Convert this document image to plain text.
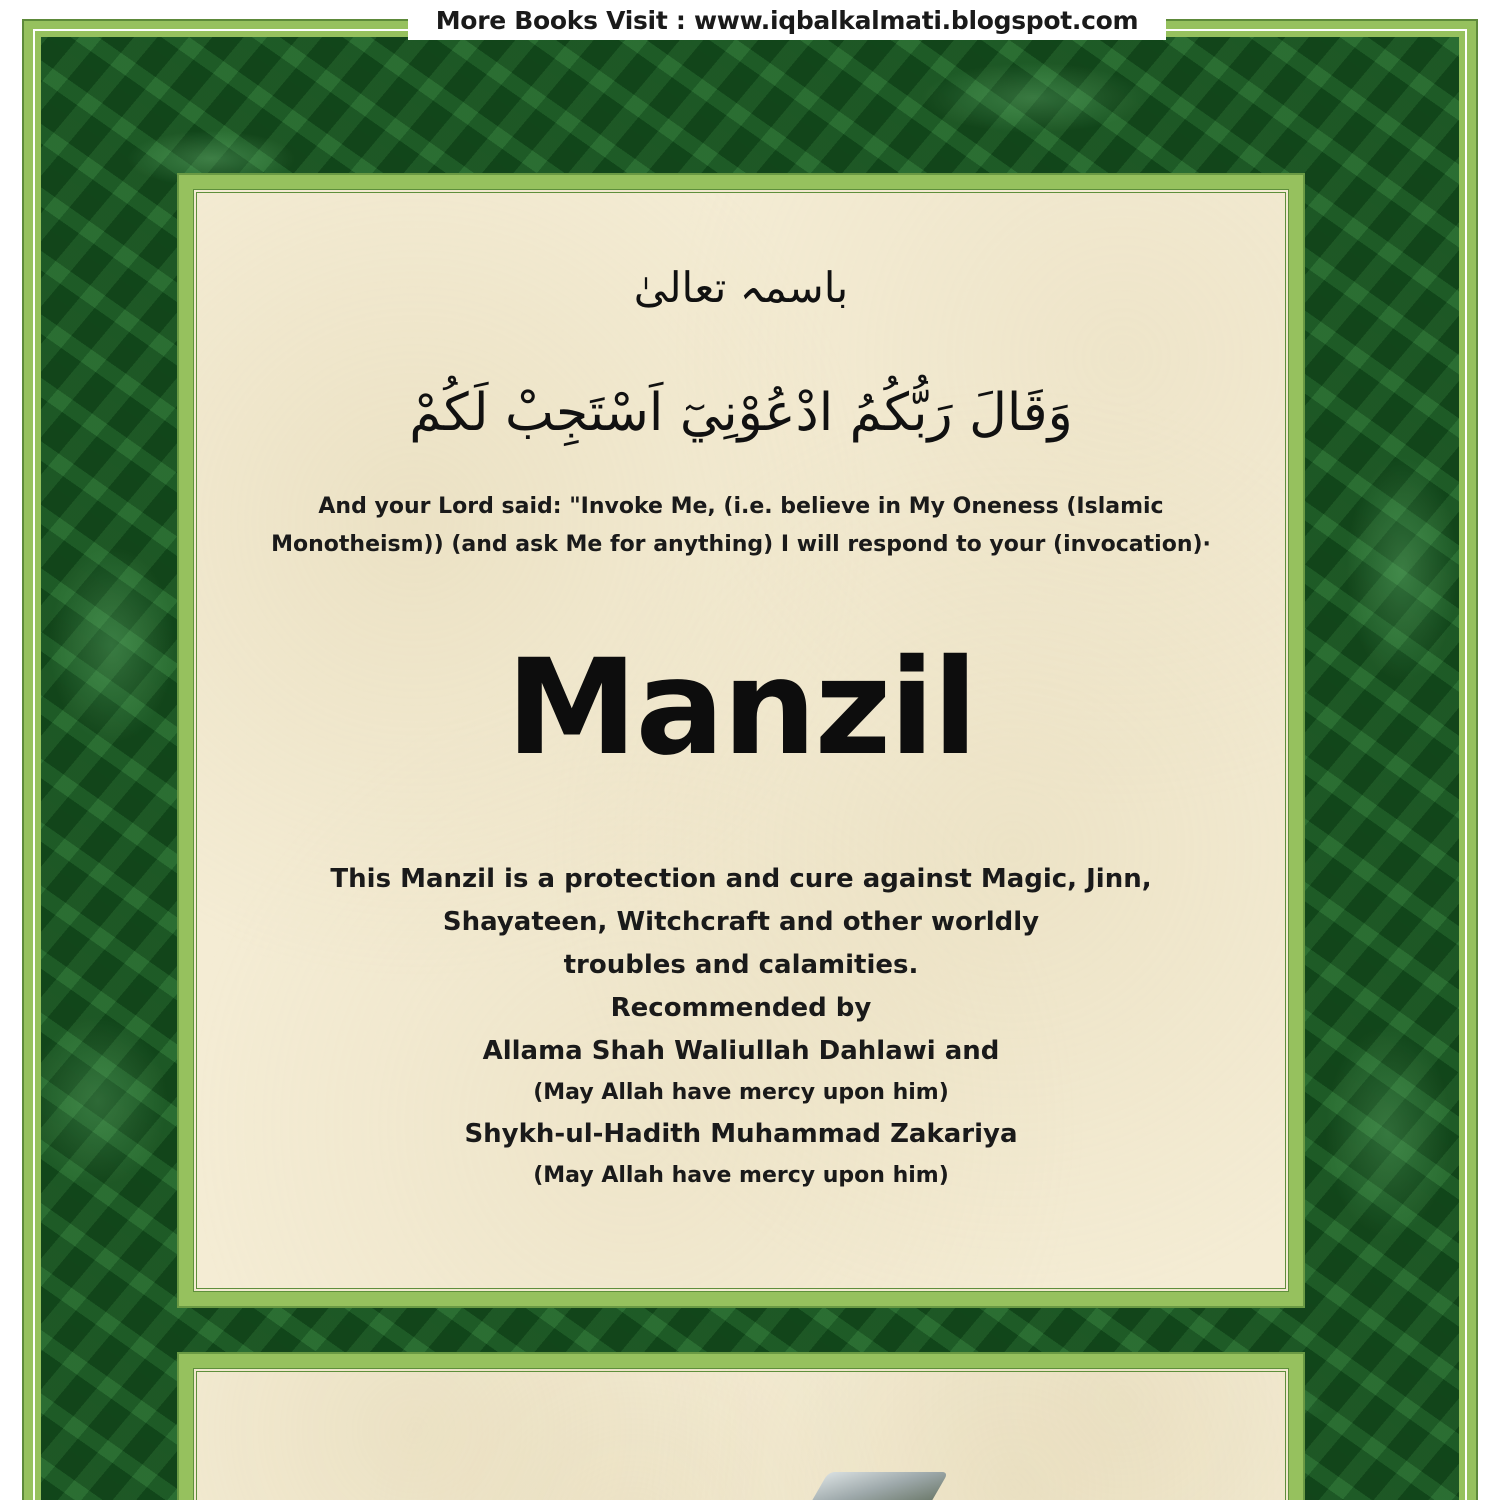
More Books Visit : www.iqbalkalmati.blogspot.com
باسمہ تعالیٰ
وَقَالَ رَبُّكُمُ ادْعُوْنِيٓ اَسْتَجِبْ لَكُمْ
And your Lord said: "Invoke Me, (i.e. believe in My Oneness (Islamic
Monotheism)) (and ask Me for anything) I will respond to your (invocation)·
Manzil
This Manzil is a protection and cure against Magic, Jinn,
Shayateen, Witchcraft and other worldly
troubles and calamities.
Recommended by
Allama Shah Waliullah Dahlawi and
(May Allah have mercy upon him)
Shykh-ul-Hadith Muhammad Zakariya
(May Allah have mercy upon him)
